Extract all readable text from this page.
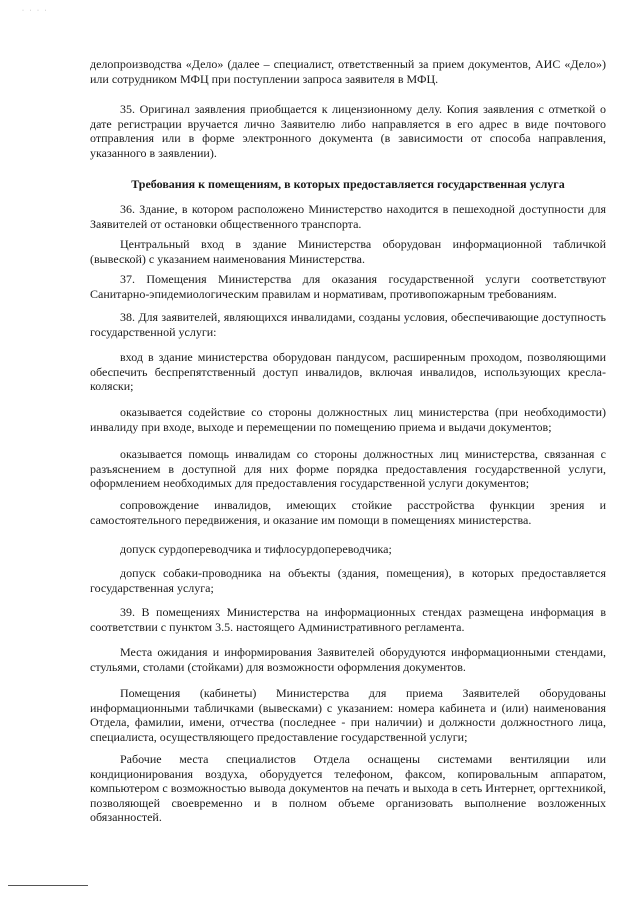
· · · ·

делопроизводства «Дело» (далее – специалист, ответственный за прием документов, АИС «Дело») или сотрудником МФЦ при поступлении запроса заявителя в МФЦ.

35. Оригинал заявления приобщается к лицензионному делу. Копия заявления с отметкой о дате регистрации вручается лично Заявителю либо направляется в его адрес в виде почтового отправления или в форме электронного документа (в зависимости от способа направления, указанного в заявлении).

Требования к помещениям, в которых предоставляется государственная услуга

36. Здание, в котором расположено Министерство находится в пешеходной доступности для Заявителей от остановки общественного транспорта.

Центральный вход в здание Министерства оборудован информационной табличкой (вывеской) с указанием наименования Министерства.

37. Помещения Министерства для оказания государственной услуги соответствуют Санитарно-эпидемиологическим правилам и нормативам, противопожарным требованиям.

38. Для заявителей, являющихся инвалидами, созданы условия, обеспечивающие доступность государственной услуги:

вход в здание министерства оборудован пандусом, расширенным проходом, позволяющими обеспечить беспрепятственный доступ инвалидов, включая инвалидов, использующих кресла-коляски;

оказывается содействие со стороны должностных лиц министерства (при необходимости) инвалиду при входе, выходе и перемещении по помещению приема и выдачи документов;

оказывается помощь инвалидам со стороны должностных лиц министерства, связанная с разъяснением в доступной для них форме порядка предоставления государственной услуги, оформлением необходимых для предоставления государственной услуги документов;

сопровождение инвалидов, имеющих стойкие расстройства функции зрения и самостоятельного передвижения, и оказание им помощи в помещениях министерства.

допуск сурдопереводчика и тифлосурдопереводчика;

допуск собаки-проводника на объекты (здания, помещения), в которых предоставляется государственная услуга;

39. В помещениях Министерства на информационных стендах размещена информация в соответствии с пунктом 3.5. настоящего Административного регламента.

Места ожидания и информирования Заявителей оборудуются информационными стендами, стульями, столами (стойками) для возможности оформления документов.

Помещения (кабинеты) Министерства для приема Заявителей оборудованы информационными табличками (вывесками) с указанием: номера кабинета и (или) наименования Отдела, фамилии, имени, отчества (последнее - при наличии) и должности должностного лица, специалиста, осуществляющего предоставление государственной услуги;

Рабочие места специалистов Отдела оснащены системами вентиляции или кондиционирования воздуха, оборудуется телефоном, факсом, копировальным аппаратом, компьютером с возможностью вывода документов на печать и выхода в сеть Интернет, оргтехникой, позволяющей своевременно и в полном объеме организовать выполнение возложенных обязанностей.
